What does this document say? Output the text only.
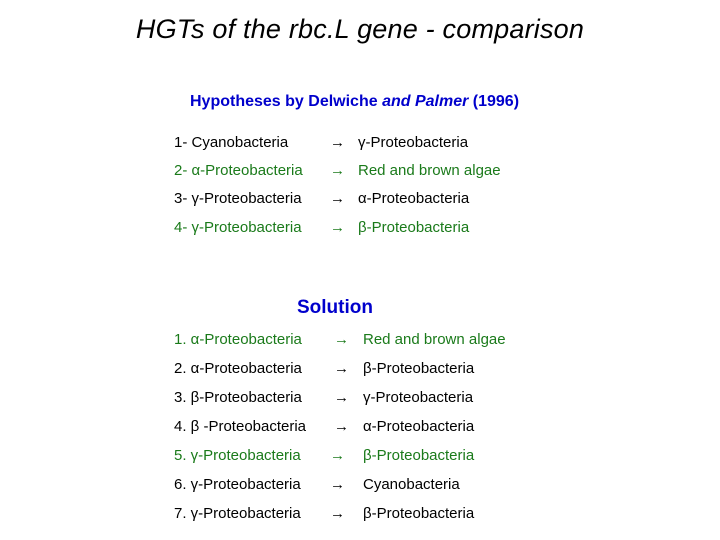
HGTs of the rbc.L gene - comparison
Hypotheses by Delwiche and Palmer (1996)
1- Cyanobacteria	→ γ-Proteobacteria
2- α-Proteobacteria → Red and brown algae
3- γ-Proteobacteria → α-Proteobacteria
4- γ-Proteobacteria → β-Proteobacteria
Solution
1. α-Proteobacteria → Red and brown algae
2. α-Proteobacteria → β-Proteobacteria
3. β-Proteobacteria → γ-Proteobacteria
4. β -Proteobacteria → α-Proteobacteria
5. γ-Proteobacteria → β-Proteobacteria
6. γ-Proteobacteria → Cyanobacteria
7. γ-Proteobacteria → β-Proteobacteria
